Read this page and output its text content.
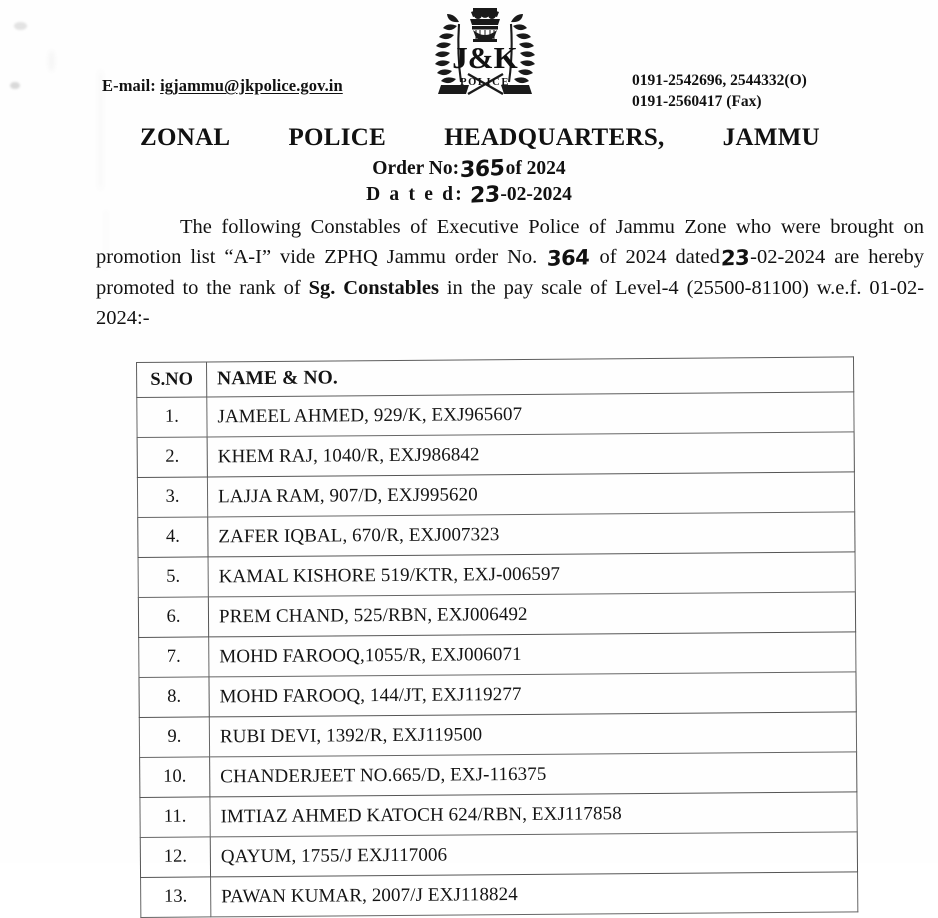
E-mail: igjammu@jkpolice.gov.in	0191-2542696, 2544332(O)
0191-2560417 (Fax)
J&K
POLICE
ZONAL POLICE HEADQUARTERS, JAMMU
Order No:365of 2024
D a t e d: 23-02-2024
The following Constables of Executive Police of Jammu Zone who were brought on promotion list “A-I” vide ZPHQ Jammu order No. 364 of 2024 dated23-02-2024 are hereby promoted to the rank of Sg. Constables in the pay scale of Level-4 (25500-81100) w.e.f. 01-02-2024:-
S.NO	NAME & NO.
1.	JAMEEL AHMED, 929/K, EXJ965607
2.	KHEM RAJ, 1040/R, EXJ986842
3.	LAJJA RAM, 907/D, EXJ995620
4.	ZAFER IQBAL, 670/R, EXJ007323
5.	KAMAL KISHORE 519/KTR, EXJ-006597
6.	PREM CHAND, 525/RBN, EXJ006492
7.	MOHD FAROOQ,1055/R, EXJ006071
8.	MOHD FAROOQ, 144/JT, EXJ119277
9.	RUBI DEVI, 1392/R, EXJ119500
10.	CHANDERJEET NO.665/D, EXJ-116375
11.	IMTIAZ AHMED KATOCH 624/RBN, EXJ117858
12.	QAYUM, 1755/J EXJ117006
13.	PAWAN KUMAR, 2007/J EXJ118824
